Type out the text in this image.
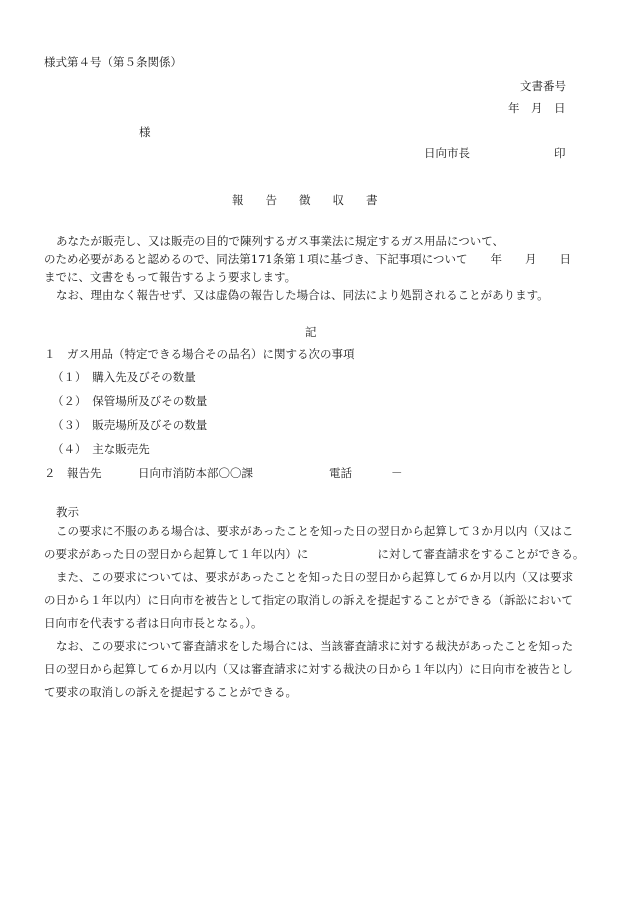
様式第４号（第５条関係）
文書番号
年　月　日
様
日向市長	印
報 告 徴 収 書

あなたが販売し、又は販売の目的で陳列するガス事業法に規定するガス用品について、

のため必要があると認めるので、同法第171条第１項に基づき、下記事項について　　年　　月　　日

までに、文書をもって報告するよう要求します。

なお、理由なく報告せず、又は虚偽の報告した場合は、同法により処罰されることがあります。

記
１　ガス用品（特定できる場合その品名）に関する次の事項
（１）　購入先及びその数量
（２）　保管場所及びその数量
（３）　販売場所及びその数量
（４）　主な販売先
２　報告先	日向市消防本部〇〇課	電話	－
教示

この要求に不服のある場合は、要求があったことを知った日の翌日から起算して３か月以内（又はこ

の要求があった日の翌日から起算して１年以内）に　　　　　　に対して審査請求をすることができる。

また、この要求については、要求があったことを知った日の翌日から起算して６か月以内（又は要求

の日から１年以内）に日向市を被告として指定の取消しの訴えを提起することができる（訴訟において

日向市を代表する者は日向市長となる。）。

なお、この要求について審査請求をした場合には、当該審査請求に対する裁決があったことを知った

日の翌日から起算して６か月以内（又は審査請求に対する裁決の日から１年以内）に日向市を被告とし

て要求の取消しの訴えを提起することができる。
